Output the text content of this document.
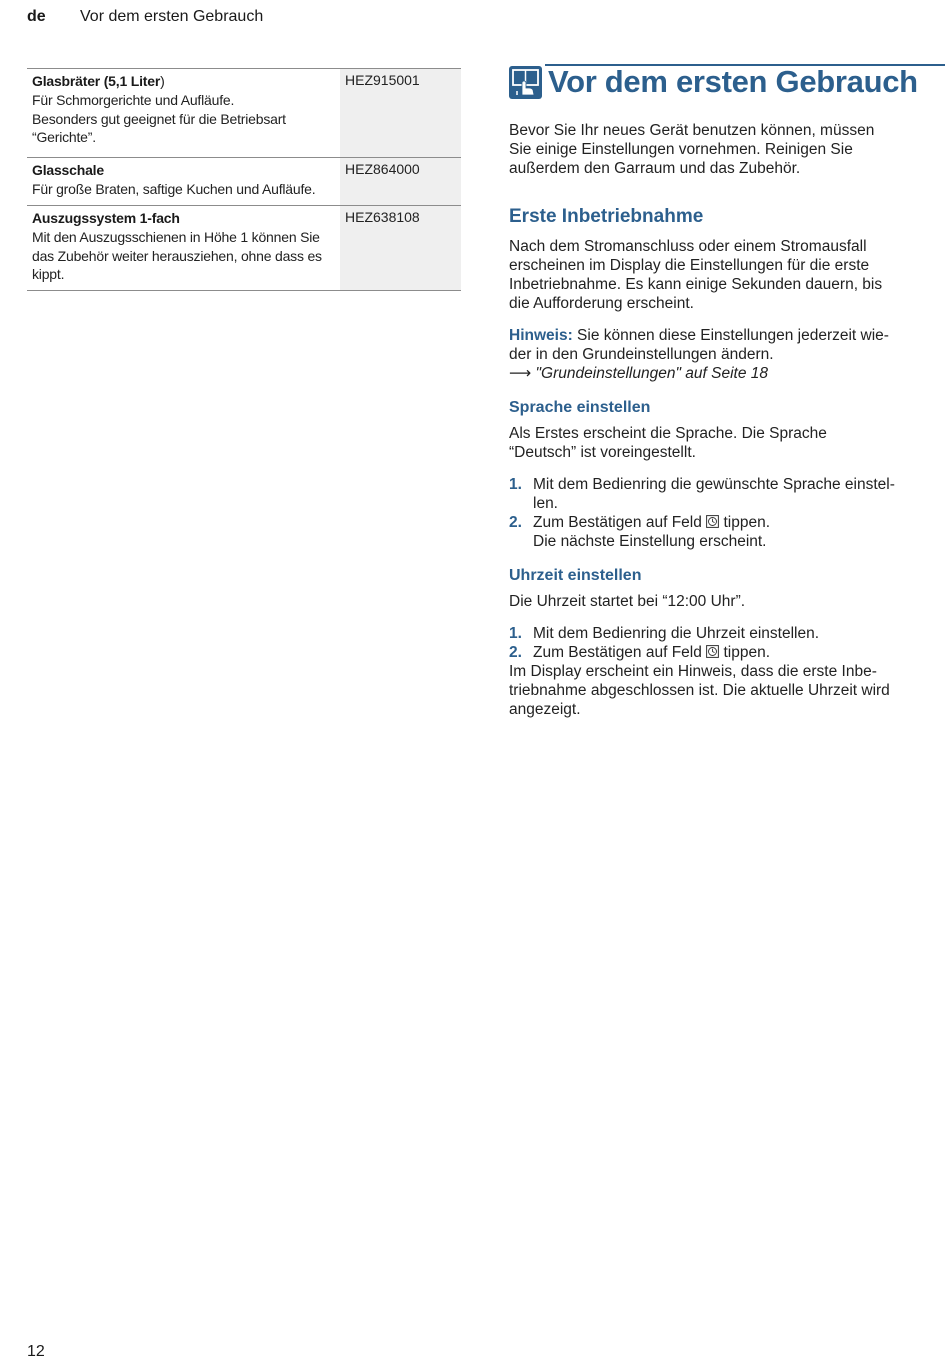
de Vor dem ersten Gebrauch
Glasbräter (5,1 Liter)
Für Schmorgerichte und Aufläufe.
Besonders gut geeignet für die Betriebsart
“Gerichte”.
HEZ915001
Glasschale
Für große Braten, saftige Kuchen und Aufläufe.
HEZ864000
Auszugssystem 1-fach
Mit den Auszugsschienen in Höhe 1 können Sie
das Zubehör weiter herausziehen, ohne dass es
kippt.
HEZ638108
Vor dem ersten Gebrauch

Bevor Sie Ihr neues Gerät benutzen können, müssen

Sie einige Einstellungen vornehmen. Reinigen Sie

außerdem den Garraum und das Zubehör.

Erste Inbetriebnahme

Nach dem Stromanschluss oder einem Stromausfall

erscheinen im Display die Einstellungen für die erste

Inbetriebnahme. Es kann einige Sekunden dauern, bis

die Aufforderung erscheint.

Hinweis: Sie können diese Einstellungen jederzeit wie-

der in den Grundeinstellungen ändern.

⟶ "Grundeinstellungen" auf Seite 18

Sprache einstellen

Als Erstes erscheint die Sprache. Die Sprache

“Deutsch” ist voreingestellt.

1. Mit dem Bedienring die gewünschte Sprache einstel-
len.
2. Zum Bestätigen auf Feld  tippen.
Die nächste Einstellung erscheint.
Uhrzeit einstellen

Die Uhrzeit startet bei “12:00 Uhr”.

1. Mit dem Bedienring die Uhrzeit einstellen.
2. Zum Bestätigen auf Feld  tippen.

Im Display erscheint ein Hinweis, dass die erste Inbe-

triebnahme abgeschlossen ist. Die aktuelle Uhrzeit wird

angezeigt.

12
